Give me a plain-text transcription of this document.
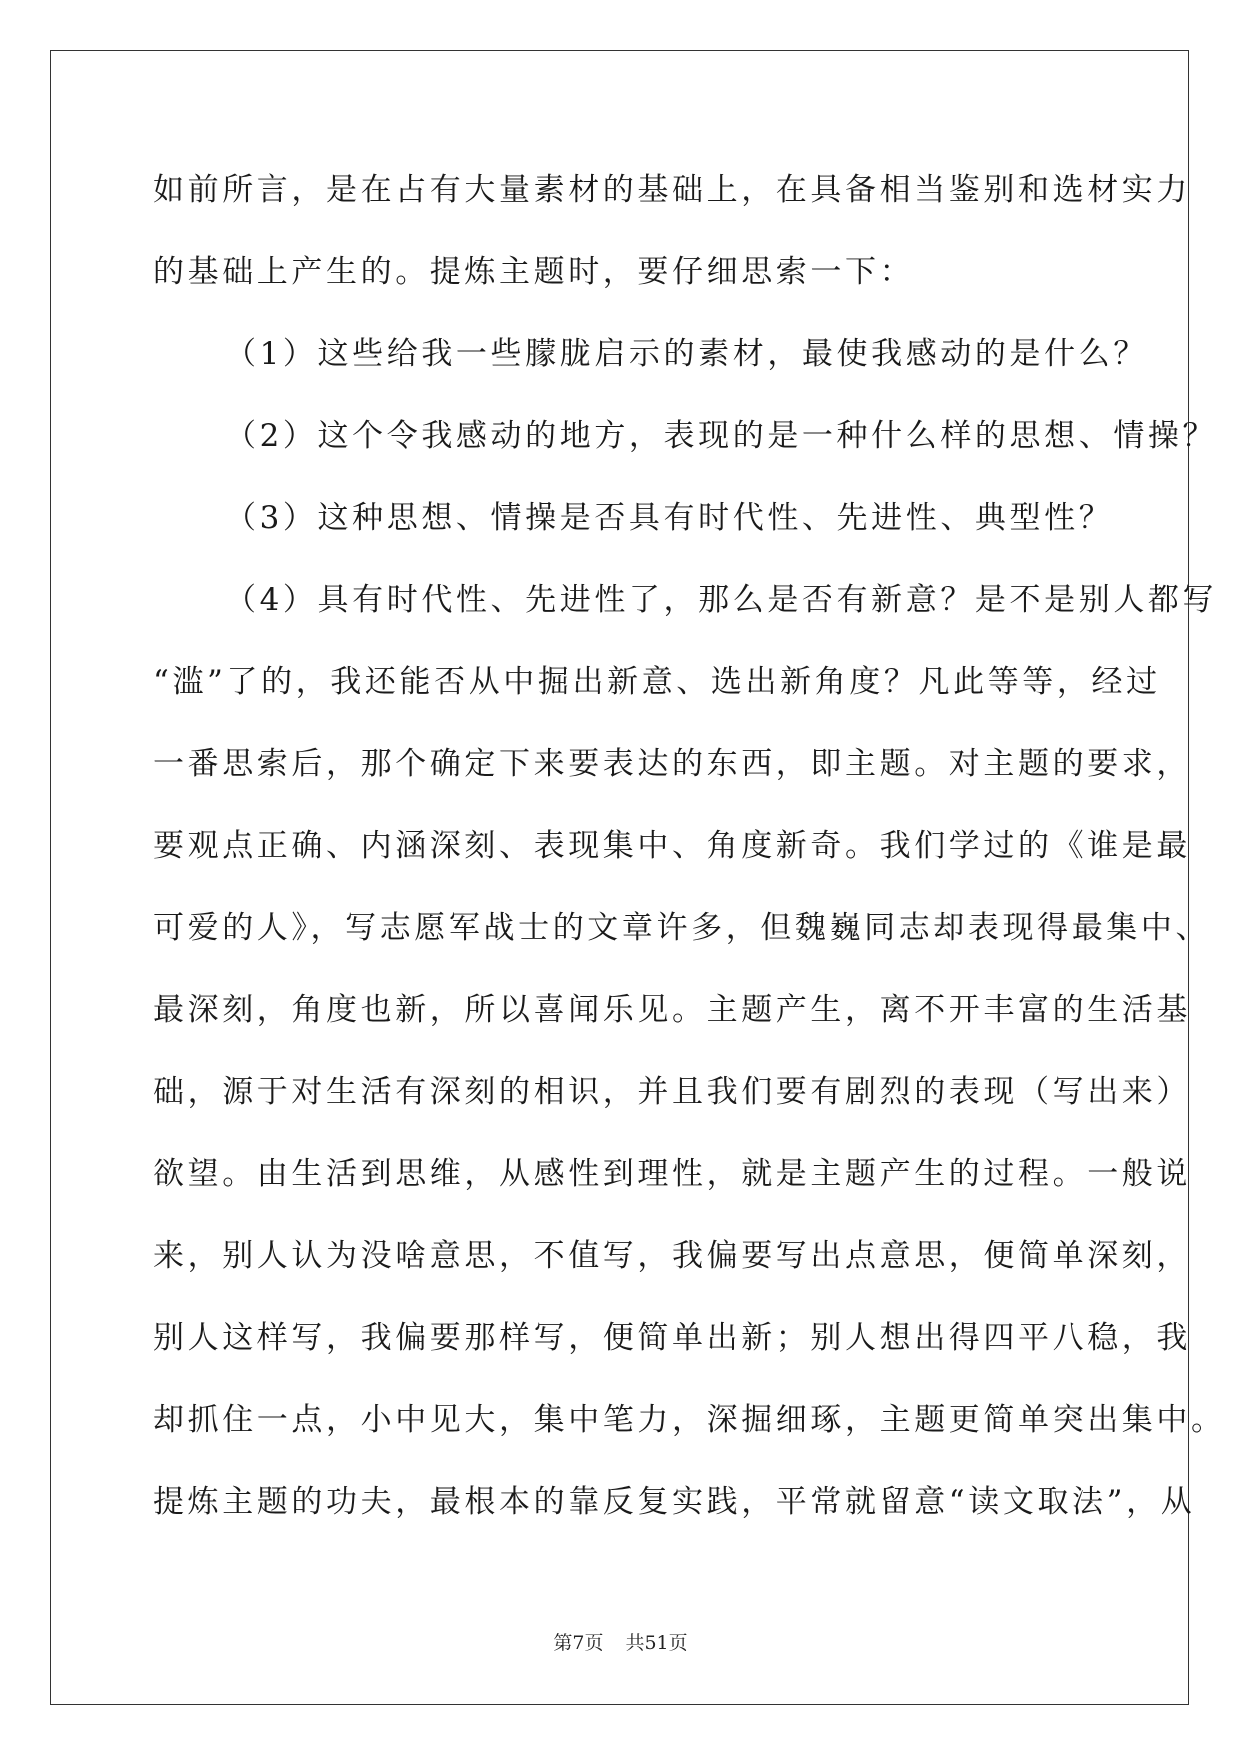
如前所言，是在占有大量素材的基础上，在具备相当鉴别和选材实力
的基础上产生的。提炼主题时，要仔细思索一下：
（1）这些给我一些朦胧启示的素材，最使我感动的是什么？
（2）这个令我感动的地方，表现的是一种什么样的思想、情操？
（3）这种思想、情操是否具有时代性、先进性、典型性？
（4）具有时代性、先进性了，那么是否有新意？是不是别人都写
“滥”了的，我还能否从中掘出新意、选出新角度？凡此等等，经过
一番思索后，那个确定下来要表达的东西，即主题。对主题的要求，
要观点正确、内涵深刻、表现集中、角度新奇。我们学过的《谁是最
可爱的人》，写志愿军战士的文章许多，但魏巍同志却表现得最集中、
最深刻，角度也新，所以喜闻乐见。主题产生，离不开丰富的生活基
础，源于对生活有深刻的相识，并且我们要有剧烈的表现（写出来）
欲望。由生活到思维，从感性到理性，就是主题产生的过程。一般说
来，别人认为没啥意思，不值写，我偏要写出点意思，便简单深刻，
别人这样写，我偏要那样写，便简单出新；别人想出得四平八稳，我
却抓住一点，小中见大，集中笔力，深掘细琢，主题更简单突出集中。
提炼主题的功夫，最根本的靠反复实践，平常就留意“读文取法”，从
第7页 共51页
